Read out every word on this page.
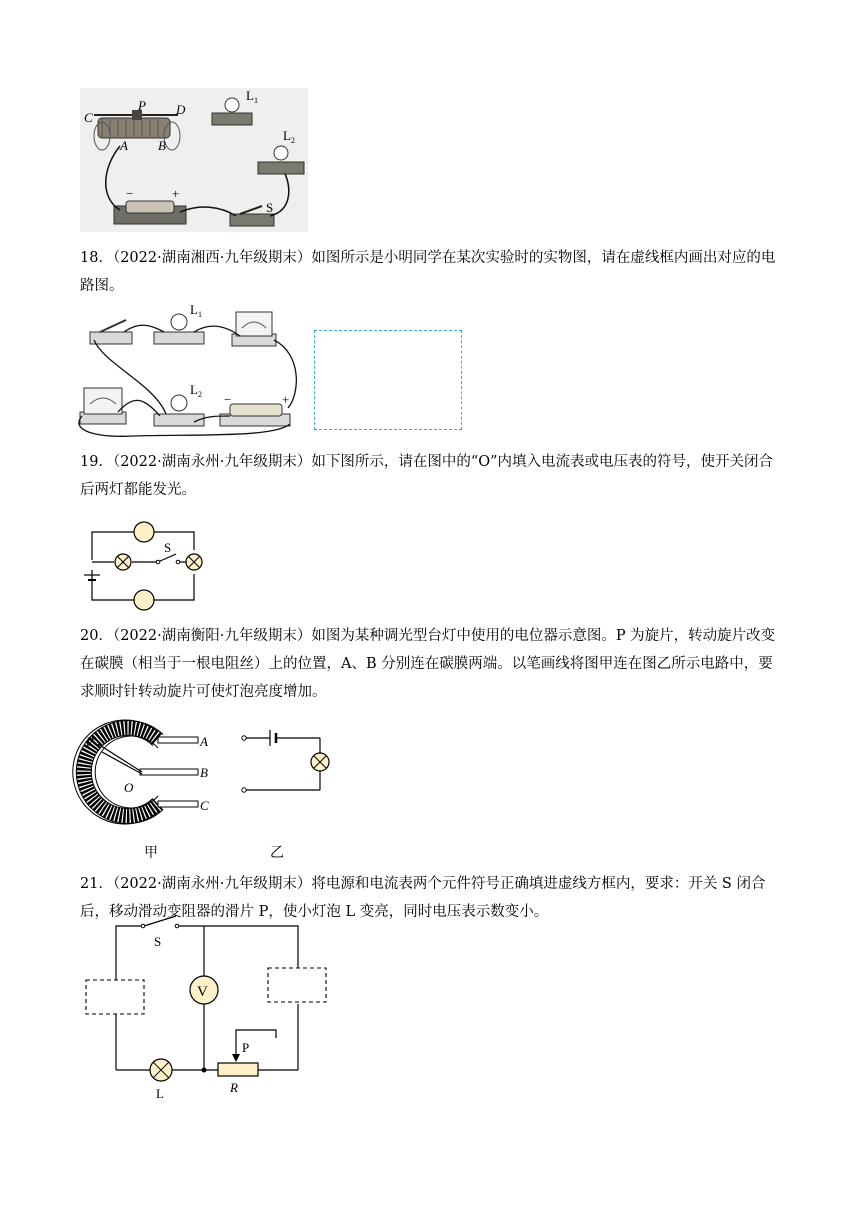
C
P D
A B
$L_1$
$L_2$
−	+
S

18．（2022·湖南湘西·九年级期末）如图所示是小明同学在某次实验时的实物图，请在虚线框内画出对应的电路图。

$L_1$
$L_2$ −	+

19．（2022·湖南永州·九年级期末）如下图所示，请在图中的“O”内填入电流表或电压表的符号，使开关闭合后两灯都能发光。

S

20．（2022·湖南衡阳·九年级期末）如图为某种调光型台灯中使用的电位器示意图。P 为旋片，转动旋片改变在碳膜（相当于一根电阻丝）上的位置，A、B 分别连在碳膜两端。以笔画线将图甲连在图乙所示电路中，要求顺时针转动旋片可使灯泡亮度增加。

P	A
B
C
O
甲	乙

21．（2022·湖南永州·九年级期末）将电源和电流表两个元件符号正确填进虚线方框内，要求：开关 S 闭合后，移动滑动变阻器的滑片 P，使小灯泡 L 变亮，同时电压表示数变小。

S
V
L
P
R
